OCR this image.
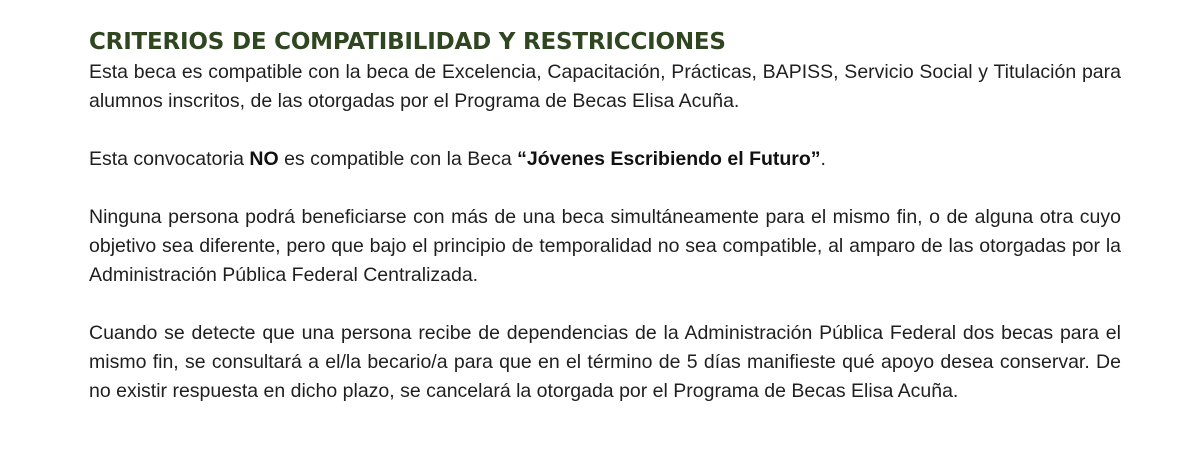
CRITERIOS DE COMPATIBILIDAD Y RESTRICCIONES

Esta beca es compatible con la beca de Excelencia, Capacitación, Prácticas, BAPISS, Servicio Social y Titulación para alumnos inscritos, de las otorgadas por el Programa de Becas Elisa Acuña.

Esta convocatoria NO es compatible con la Beca “Jóvenes Escribiendo el Futuro”.

Ninguna persona podrá beneficiarse con más de una beca simultáneamente para el mismo fin, o de alguna otra cuyo objetivo sea diferente, pero que bajo el principio de temporalidad no sea compatible, al amparo de las otorgadas por la Administración Pública Federal Centralizada.

Cuando se detecte que una persona recibe de dependencias de la Administración Pública Federal dos becas para el mismo fin, se consultará a el/la becario/a para que en el término de 5 días manifieste qué apoyo desea conservar. De no existir respuesta en dicho plazo, se cancelará la otorgada por el Programa de Becas Elisa Acuña.
